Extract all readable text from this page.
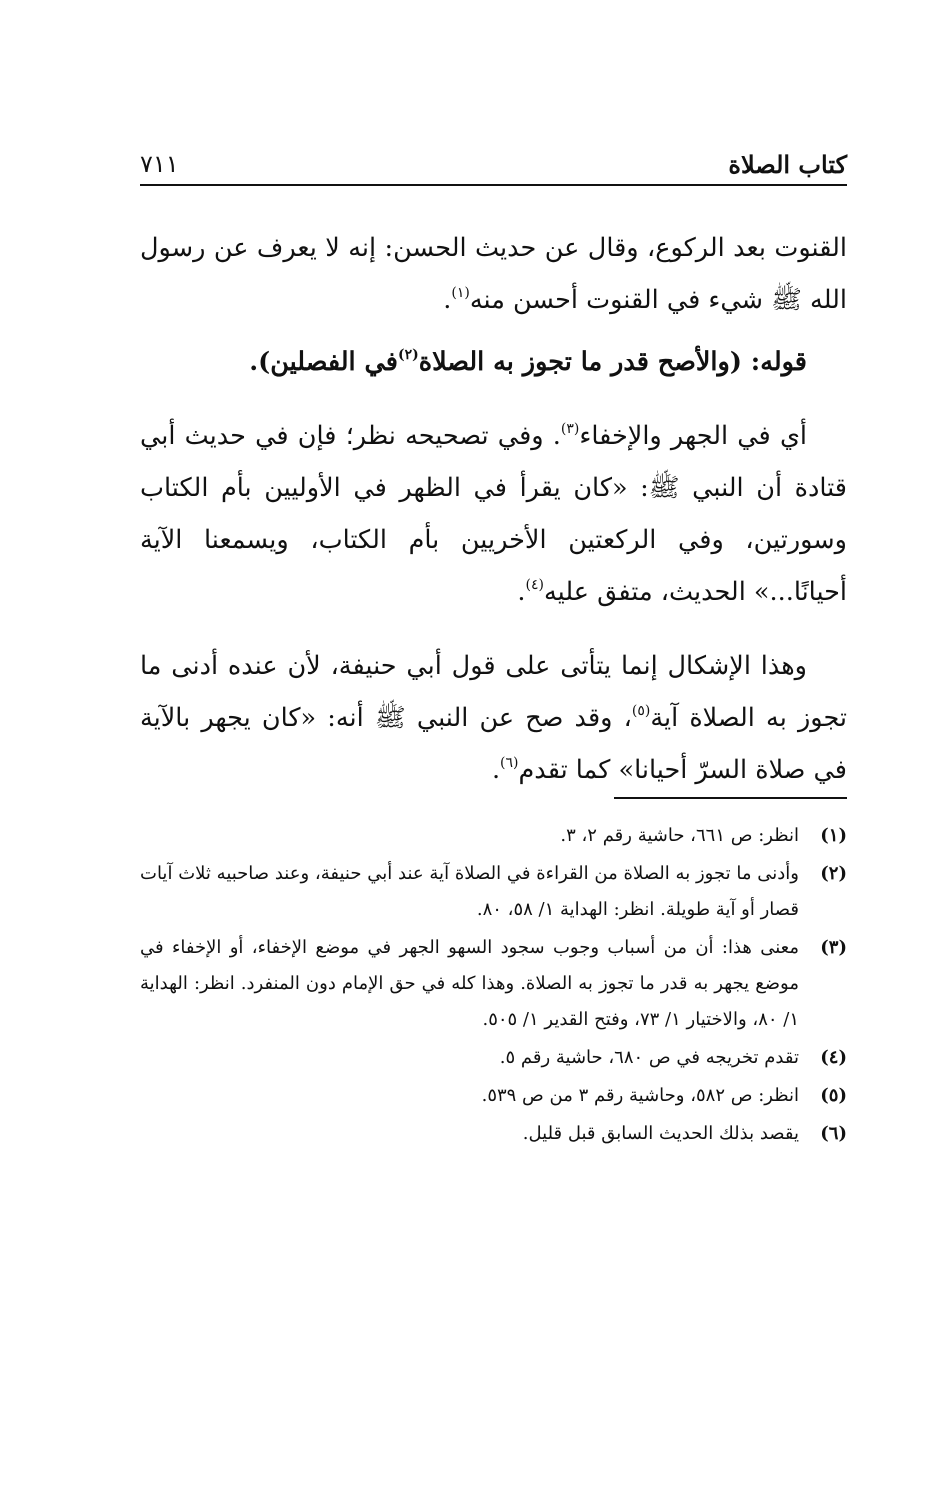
كتاب الصلاة
٧١١

القنوت بعد الركوع، وقال عن حديث الحسن: إنه لا يعرف عن رسول الله ﷺ شيء في القنوت أحسن منه$^{(١)}$.

قوله: (والأصح قدر ما تجوز به الصلاة$^{(٢)}$في الفصلين).

أي في الجهر والإخفاء$^{(٣)}$. وفي تصحيحه نظر؛ فإن في حديث أبي قتادة أن النبي ﷺ: «كان يقرأ في الظهر في الأوليين بأم الكتاب وسورتين، وفي الركعتين الأخريين بأم الكتاب، ويسمعنا الآية أحيانًا...» الحديث، متفق عليه$^{(٤)}$.

وهذا الإشكال إنما يتأتى على قول أبي حنيفة، لأن عنده أدنى ما تجوز به الصلاة آية$^{(٥)}$، وقد صح عن النبي ﷺ أنه: «كان يجهر بالآية في صلاة السرّ أحيانا» كما تقدم$^{(٦)}$.

(١)
انظر: ص ٦٦١، حاشية رقم ٢، ٣.
(٢)
وأدنى ما تجوز به الصلاة من القراءة في الصلاة آية عند أبي حنيفة، وعند صاحبيه ثلاث آيات قصار أو آية طويلة. انظر: الهداية ١/ ٥٨، ٨٠.
(٣)
معنى هذا: أن من أسباب وجوب سجود السهو الجهر في موضع الإخفاء، أو الإخفاء في موضع يجهر به قدر ما تجوز به الصلاة. وهذا كله في حق الإمام دون المنفرد. انظر: الهداية ١/ ٨٠، والاختيار ١/ ٧٣، وفتح القدير ١/ ٥٠٥.
(٤)
تقدم تخريجه في ص ٦٨٠، حاشية رقم ٥.
(٥)
انظر: ص ٥٨٢، وحاشية رقم ٣ من ص ٥٣٩.
(٦)
يقصد بذلك الحديث السابق قبل قليل.
